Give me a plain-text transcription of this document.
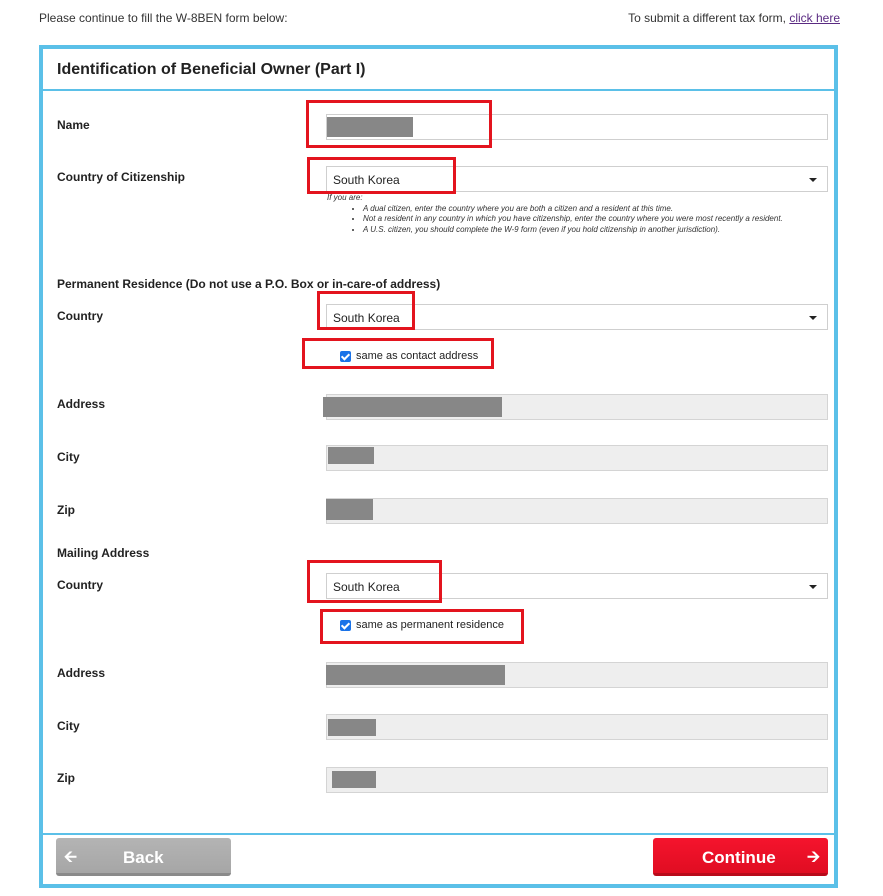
Please continue to fill the W-8BEN form below:	To submit a different tax form, click here
Identification of Beneficial Owner (Part I)
Name
Country of Citizenship	South Korea
If you are:
• A dual citizen, enter the country where you are both a citizen and a resident at this time.
• Not a resident in any country in which you have citizenship, enter the country where you were most recently a resident.
• A U.S. citizen, you should complete the W-9 form (even if you hold citizenship in another jurisdiction).
Permanent Residence (Do not use a P.O. Box or in-care-of address)
Country	South Korea
same as contact address
Address
City
Zip
Mailing Address
Country	South Korea
same as permanent residence
Address
City
Zip
🡨	Back	Continue 🡪
